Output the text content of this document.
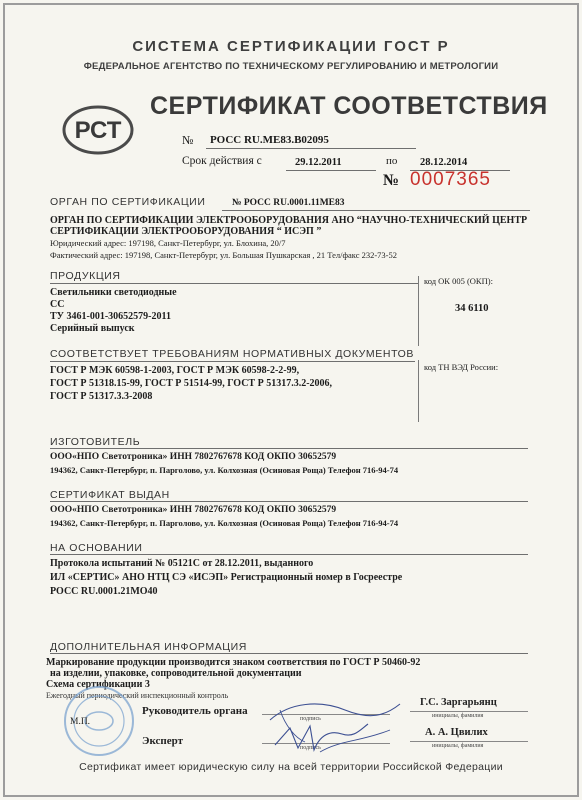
СИСТЕМА СЕРТИФИКАЦИИ ГОСТ Р
ФЕДЕРАЛЬНОЕ АГЕНТСТВО ПО ТЕХНИЧЕСКОМУ РЕГУЛИРОВАНИЮ И МЕТРОЛОГИИ
РСТ
СЕРТИФИКАТ СООТВЕТСТВИЯ
№ РОСС RU.МЕ83.В02095
Срок действия с	29.12.2011	по 28.12.2014
№ 0007365
ОРГАН ПО СЕРТИФИКАЦИИ	№ РОСС RU.0001.11МЕ83
ОРГАН ПО СЕРТИФИКАЦИИ ЭЛЕКТРООБОРУДОВАНИЯ АНО “НАУЧНО-ТЕХНИЧЕСКИЙ ЦЕНТР
СЕРТИФИКАЦИИ ЭЛЕКТРООБОРУДОВАНИЯ “ ИСЭП ”
Юридический адрес: 197198, Санкт-Петербург, ул. Блохина, 20/7
Фактический адрес: 197198, Санкт-Петербург, ул. Большая Пушкарская , 21 Тел/факс 232-73-52
ПРОДУКЦИЯ
Светильники светодиодные
СС
ТУ 3461-001-30652579-2011
Серийный выпуск
код ОК 005 (ОКП):
34 6110
СООТВЕТСТВУЕТ ТРЕБОВАНИЯМ НОРМАТИВНЫХ ДОКУМЕНТОВ
ГОСТ Р МЭК 60598-1-2003, ГОСТ Р МЭК 60598-2-2-99,
ГОСТ Р 51318.15-99, ГОСТ Р 51514-99, ГОСТ Р 51317.3.2-2006,
ГОСТ Р 51317.3.3-2008
код ТН ВЭД России:
ИЗГОТОВИТЕЛЬ
ООО«НПО Светотроника» ИНН 7802767678 КОД ОКПО 30652579
194362, Санкт-Петербург, п. Парголово, ул. Колхозная (Осиновая Роща) Телефон 716-94-74
СЕРТИФИКАТ ВЫДАН
ООО«НПО Светотроника» ИНН 7802767678 КОД ОКПО 30652579
194362, Санкт-Петербург, п. Парголово, ул. Колхозная (Осиновая Роща) Телефон 716-94-74
НА ОСНОВАНИИ
Протокола испытаний № 05121С от 28.12.2011, выданного
ИЛ «СЕРТИС» АНО НТЦ СЭ «ИСЭП» Регистрационный номер в Госреестре
РОСС RU.0001.21МО40
ДОПОЛНИТЕЛЬНАЯ ИНФОРМАЦИЯ
Маркирование продукции производится знаком соответствия по ГОСТ Р 50460-92
на изделии, упаковке, сопроводительной документации
Схема сертификации 3
Ежегодный периодический инспекционный контроль
М.П.
Руководитель органа
Эксперт
подпись
подпись
Г.С. Заргарьянц
инициалы, фамилия
А. А. Цвилих
инициалы, фамилия
Сертификат имеет юридическую силу на всей территории Российской Федерации
